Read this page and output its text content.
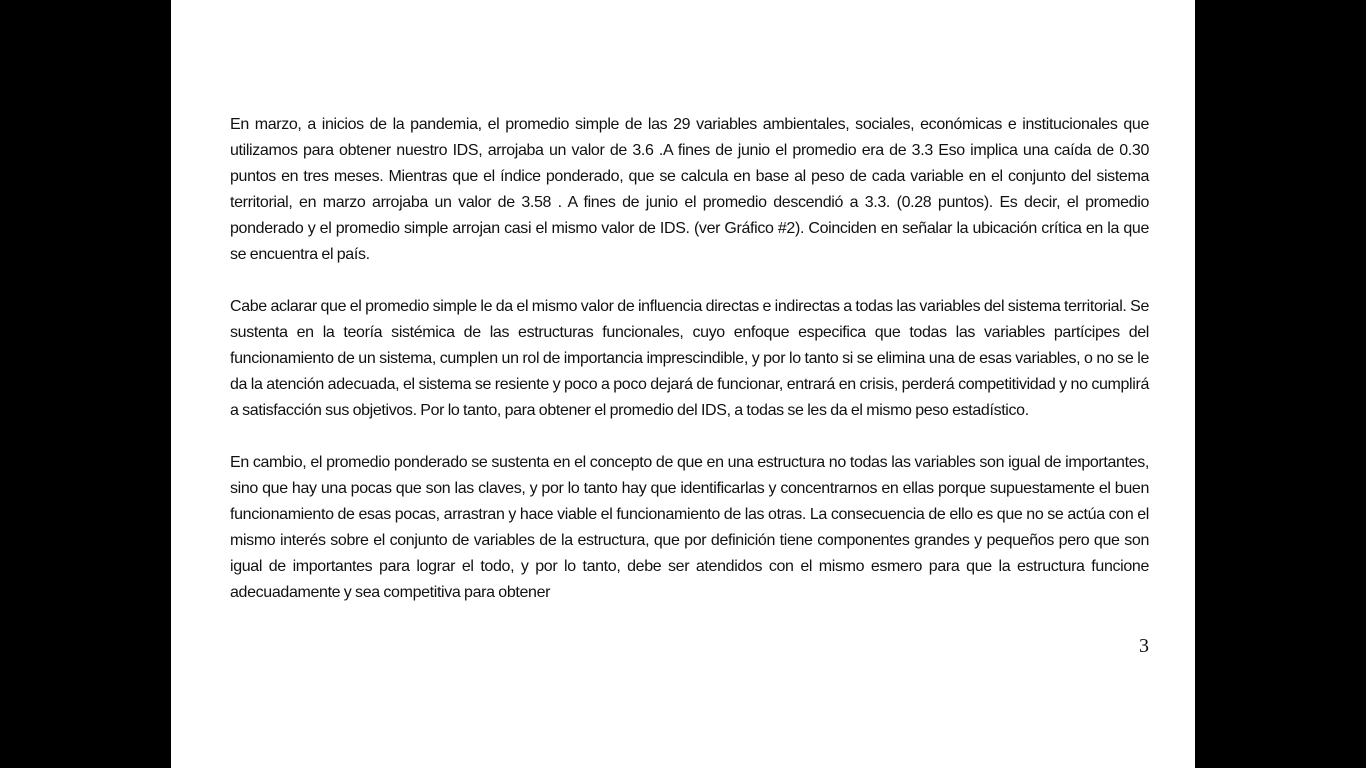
En marzo, a inicios de la pandemia, el promedio simple de las 29 variables ambientales, sociales, económicas e institucionales que utilizamos para obtener nuestro IDS, arrojaba un valor de 3.6 .A fines de junio el promedio era de 3.3 Eso implica una caída de 0.30 puntos en tres meses. Mientras que el índice ponderado, que se calcula en base al peso de cada variable en el conjunto del sistema territorial, en marzo arrojaba un valor de 3.58 . A fines de junio el promedio descendió a 3.3. (0.28 puntos). Es decir, el promedio ponderado y el promedio simple arrojan casi el mismo valor de IDS. (ver Gráfico #2). Coinciden en señalar la ubicación crítica en la que se encuentra el país.

Cabe aclarar que el promedio simple le da el mismo valor de influencia directas e indirectas a todas las variables del sistema territorial. Se sustenta en la teoría sistémica de las estructuras funcionales, cuyo enfoque especifica que todas las variables partícipes del funcionamiento de un sistema, cumplen un rol de importancia imprescindible, y por lo tanto si se elimina una de esas variables, o no se le da la atención adecuada, el sistema se resiente y poco a poco dejará de funcionar, entrará en crisis, perderá competitividad y no cumplirá a satisfacción sus objetivos. Por lo tanto, para obtener el promedio del IDS, a todas se les da el mismo peso estadístico.

En cambio, el promedio ponderado se sustenta en el concepto de que en una estructura no todas las variables son igual de importantes, sino que hay una pocas que son las claves, y por lo tanto hay que identificarlas y concentrarnos en ellas porque supuestamente el buen funcionamiento de esas pocas, arrastran y hace viable el funcionamiento de las otras. La consecuencia de ello es que no se actúa con el mismo interés sobre el conjunto de variables de la estructura, que por definición tiene componentes grandes y pequeños pero que son igual de importantes para lograr el todo, y por lo tanto, debe ser atendidos con el mismo esmero para que la estructura funcione adecuadamente y sea competitiva para obtener

3
